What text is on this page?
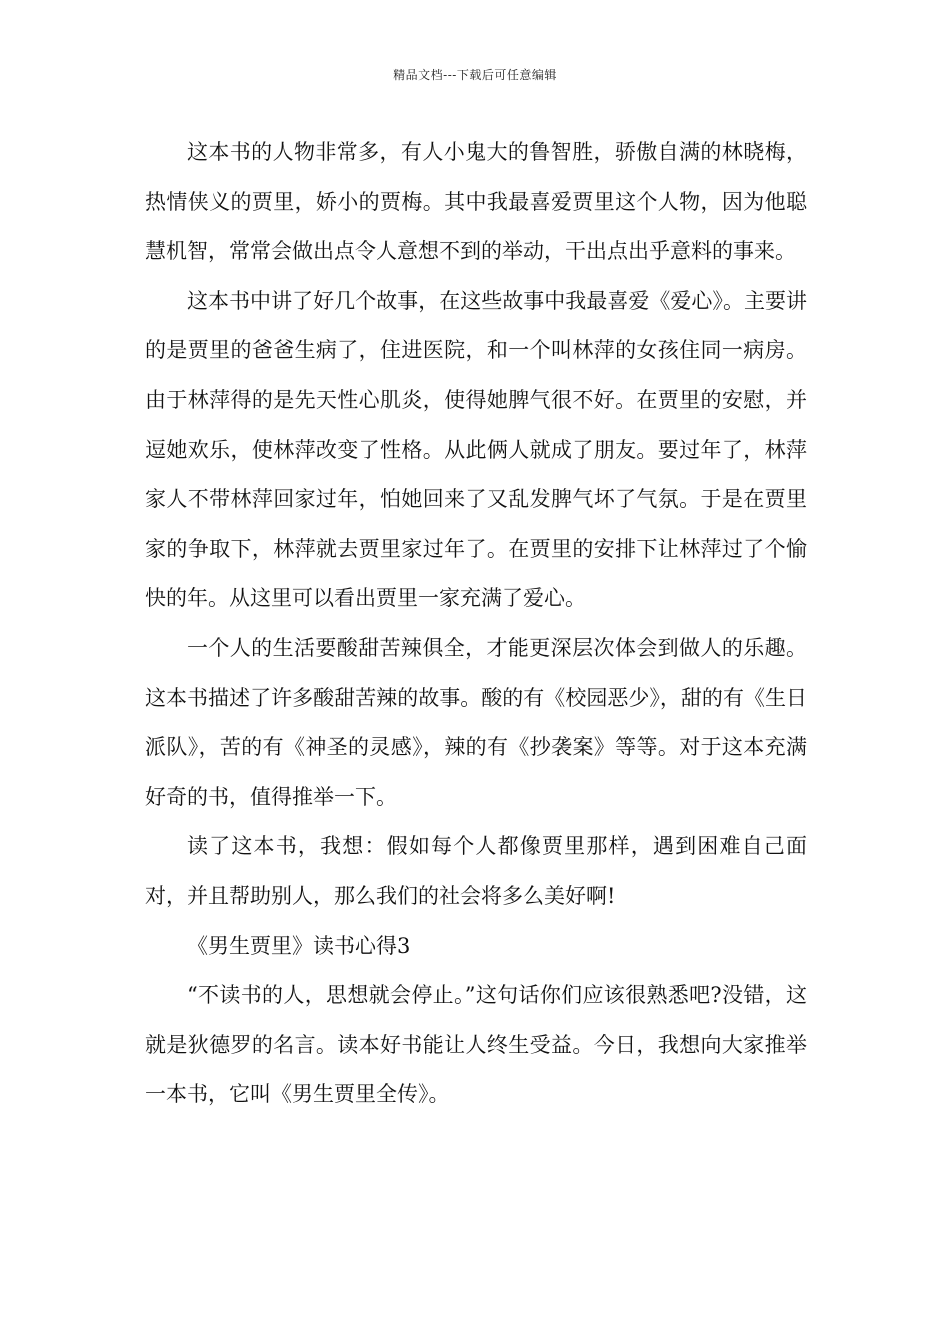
精品文档---下载后可任意编辑

这本书的人物非常多，有人小鬼大的鲁智胜，骄傲自满的林晓梅，热情侠义的贾里，娇小的贾梅。其中我最喜爱贾里这个人物，因为他聪慧机智，常常会做出点令人意想不到的举动，干出点出乎意料的事来。

这本书中讲了好几个故事，在这些故事中我最喜爱《爱心》。主要讲的是贾里的爸爸生病了，住进医院，和一个叫林萍的女孩住同一病房。由于林萍得的是先天性心肌炎，使得她脾气很不好。在贾里的安慰，并逗她欢乐，使林萍改变了性格。从此俩人就成了朋友。要过年了，林萍家人不带林萍回家过年，怕她回来了又乱发脾气坏了气氛。于是在贾里家的争取下，林萍就去贾里家过年了。在贾里的安排下让林萍过了个愉快的年。从这里可以看出贾里一家充满了爱心。

一个人的生活要酸甜苦辣俱全，才能更深层次体会到做人的乐趣。这本书描述了许多酸甜苦辣的故事。酸的有《校园恶少》，甜的有《生日派队》，苦的有《神圣的灵感》，辣的有《抄袭案》等等。对于这本充满好奇的书，值得推举一下。

读了这本书，我想：假如每个人都像贾里那样，遇到困难自己面对，并且帮助别人，那么我们的社会将多么美好啊!

《男生贾里》读书心得3

“不读书的人，思想就会停止。”这句话你们应该很熟悉吧?没错，这就是狄德罗的名言。读本好书能让人终生受益。今日，我想向大家推举一本书，它叫《男生贾里全传》。
